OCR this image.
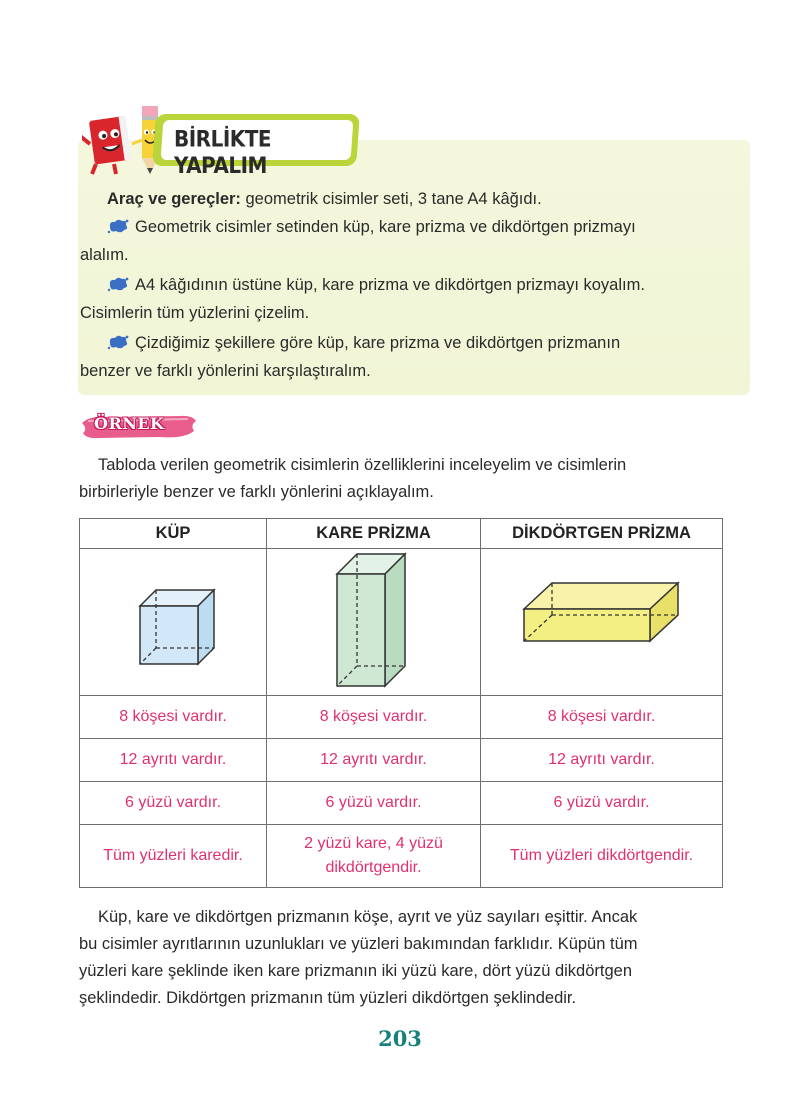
BİRLİKTE YAPALIM
Araç ve gereçler: geometrik cisimler seti, 3 tane A4 kâğıdı.
Geometrik cisimler setinden küp, kare prizma ve dikdörtgen prizmayı
alalım.
A4 kâğıdının üstüne küp, kare prizma ve dikdörtgen prizmayı koyalım.
Cisimlerin tüm yüzlerini çizelim.
Çizdiğimiz şekillere göre küp, kare prizma ve dikdörtgen prizmanın
benzer ve farklı yönlerini karşılaştıralım.
ÖRNEK
Tabloda verilen geometrik cisimlerin özelliklerini inceleyelim ve cisimlerin
birbirleriyle benzer ve farklı yönlerini açıklayalım.
KÜP	KARE PRİZMA	DİKDÖRTGEN PRİZMA

8 köşesi vardır.	8 köşesi vardır.	8 köşesi vardır.
12 ayrıtı vardır.	12 ayrıtı vardır.	12 ayrıtı vardır.
6 yüzü vardır.	6 yüzü vardır.	6 yüzü vardır.
Tüm yüzleri karedir.	2 yüzü kare, 4 yüzü
dikdörtgendir.	Tüm yüzleri dikdörtgendir.
Küp, kare ve dikdörtgen prizmanın köşe, ayrıt ve yüz sayıları eşittir. Ancak
bu cisimler ayrıtlarının uzunlukları ve yüzleri bakımından farklıdır. Küpün tüm
yüzleri kare şeklinde iken kare prizmanın iki yüzü kare, dört yüzü dikdörtgen
şeklindedir. Dikdörtgen prizmanın tüm yüzleri dikdörtgen şeklindedir.
203
